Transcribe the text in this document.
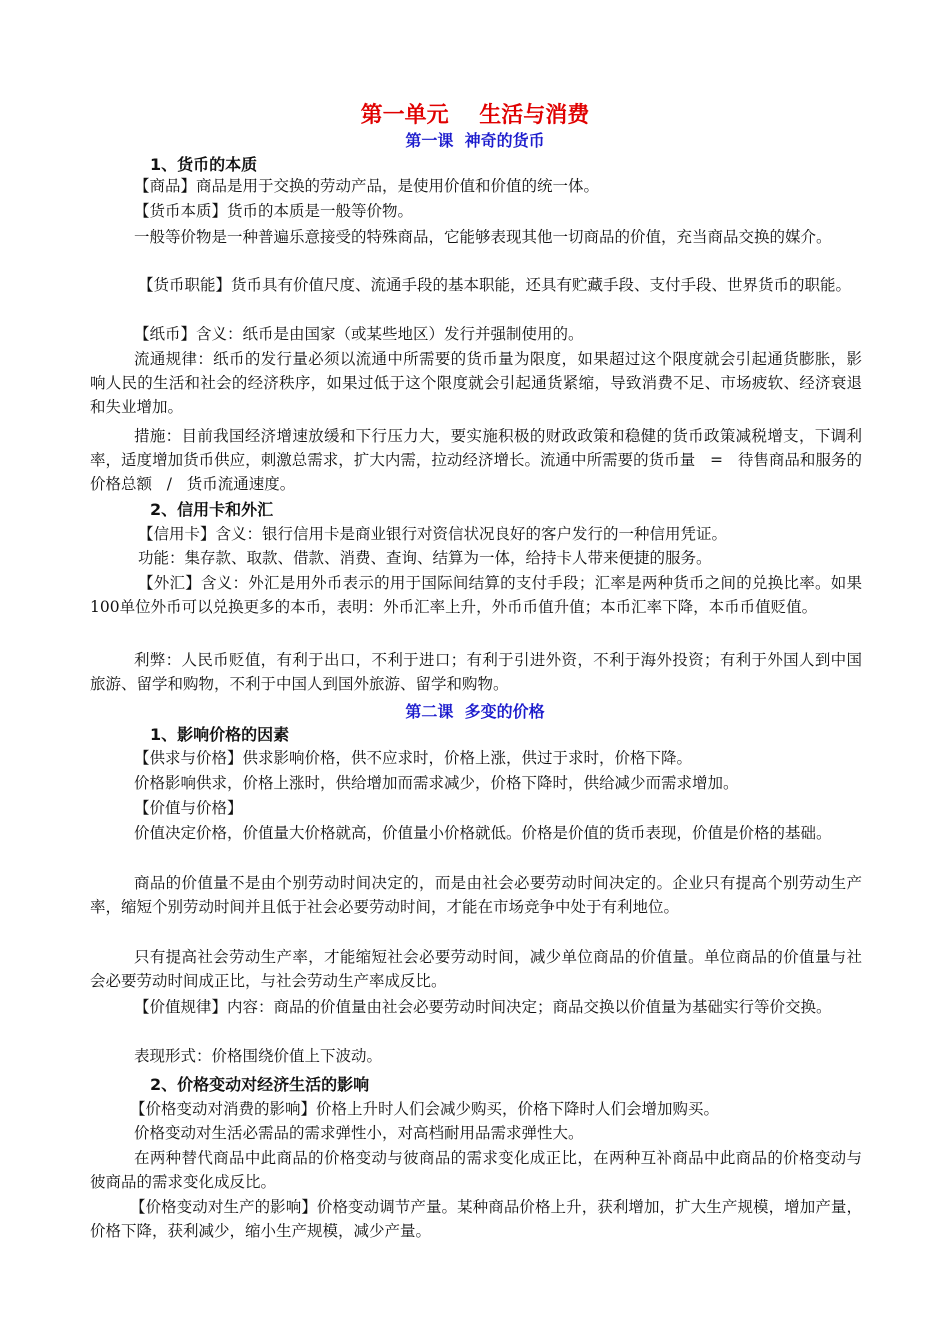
第一单元    生活与消费
第一课  神奇的货币
1、货币的本质
【商品】商品是用于交换的劳动产品，是使用价值和价值的统一体。
【货币本质】货币的本质是一般等价物。
一般等价物是一种普遍乐意接受的特殊商品，它能够表现其他一切商品的价值，充当商品交换的媒介。
【货币职能】货币具有价值尺度、流通手段的基本职能，还具有贮藏手段、支付手段、世界货币的职能。
【纸币】含义：纸币是由国家（或某些地区）发行并强制使用的。
流通规律：纸币的发行量必须以流通中所需要的货币量为限度，如果超过这个限度就会引起通货膨胀，影响人民的生活和社会的经济秩序，如果过低于这个限度就会引起通货紧缩，导致消费不足、市场疲软、经济衰退和失业增加。
措施：目前我国经济增速放缓和下行压力大，要实施积极的财政政策和稳健的货币政策减税增支，下调利率，适度增加货币供应，刺激总需求，扩大内需，拉动经济增长。流通中所需要的货币量   =   待售商品和服务的价格总额   /   货币流通速度。
2、信用卡和外汇
【信用卡】含义：银行信用卡是商业银行对资信状况良好的客户发行的一种信用凭证。
功能：集存款、取款、借款、消费、查询、结算为一体，给持卡人带来便捷的服务。
【外汇】含义：外汇是用外币表示的用于国际间结算的支付手段；汇率是两种货币之间的兑换比率。如果100单位外币可以兑换更多的本币，表明：外币汇率上升，外币币值升值；本币汇率下降，本币币值贬值。
利弊：人民币贬值，有利于出口，不利于进口；有利于引进外资，不利于海外投资；有利于外国人到中国旅游、留学和购物，不利于中国人到国外旅游、留学和购物。
第二课  多变的价格
1、影响价格的因素
【供求与价格】供求影响价格，供不应求时，价格上涨，供过于求时，价格下降。
价格影响供求，价格上涨时，供给增加而需求减少，价格下降时，供给减少而需求增加。
【价值与价格】
价值决定价格，价值量大价格就高，价值量小价格就低。价格是价值的货币表现，价值是价格的基础。
商品的价值量不是由个别劳动时间决定的，而是由社会必要劳动时间决定的。企业只有提高个别劳动生产率，缩短个别劳动时间并且低于社会必要劳动时间，才能在市场竞争中处于有利地位。
只有提高社会劳动生产率，才能缩短社会必要劳动时间，减少单位商品的价值量。单位商品的价值量与社会必要劳动时间成正比，与社会劳动生产率成反比。
【价值规律】内容：商品的价值量由社会必要劳动时间决定；商品交换以价值量为基础实行等价交换。
表现形式：价格围绕价值上下波动。
2、价格变动对经济生活的影响
【价格变动对消费的影响】价格上升时人们会减少购买，价格下降时人们会增加购买。
价格变动对生活必需品的需求弹性小，对高档耐用品需求弹性大。
在两种替代商品中此商品的价格变动与彼商品的需求变化成正比，在两种互补商品中此商品的价格变动与彼商品的需求变化成反比。
【价格变动对生产的影响】价格变动调节产量。某种商品价格上升，获利增加，扩大生产规模，增加产量，价格下降，获利减少，缩小生产规模，减少产量。
